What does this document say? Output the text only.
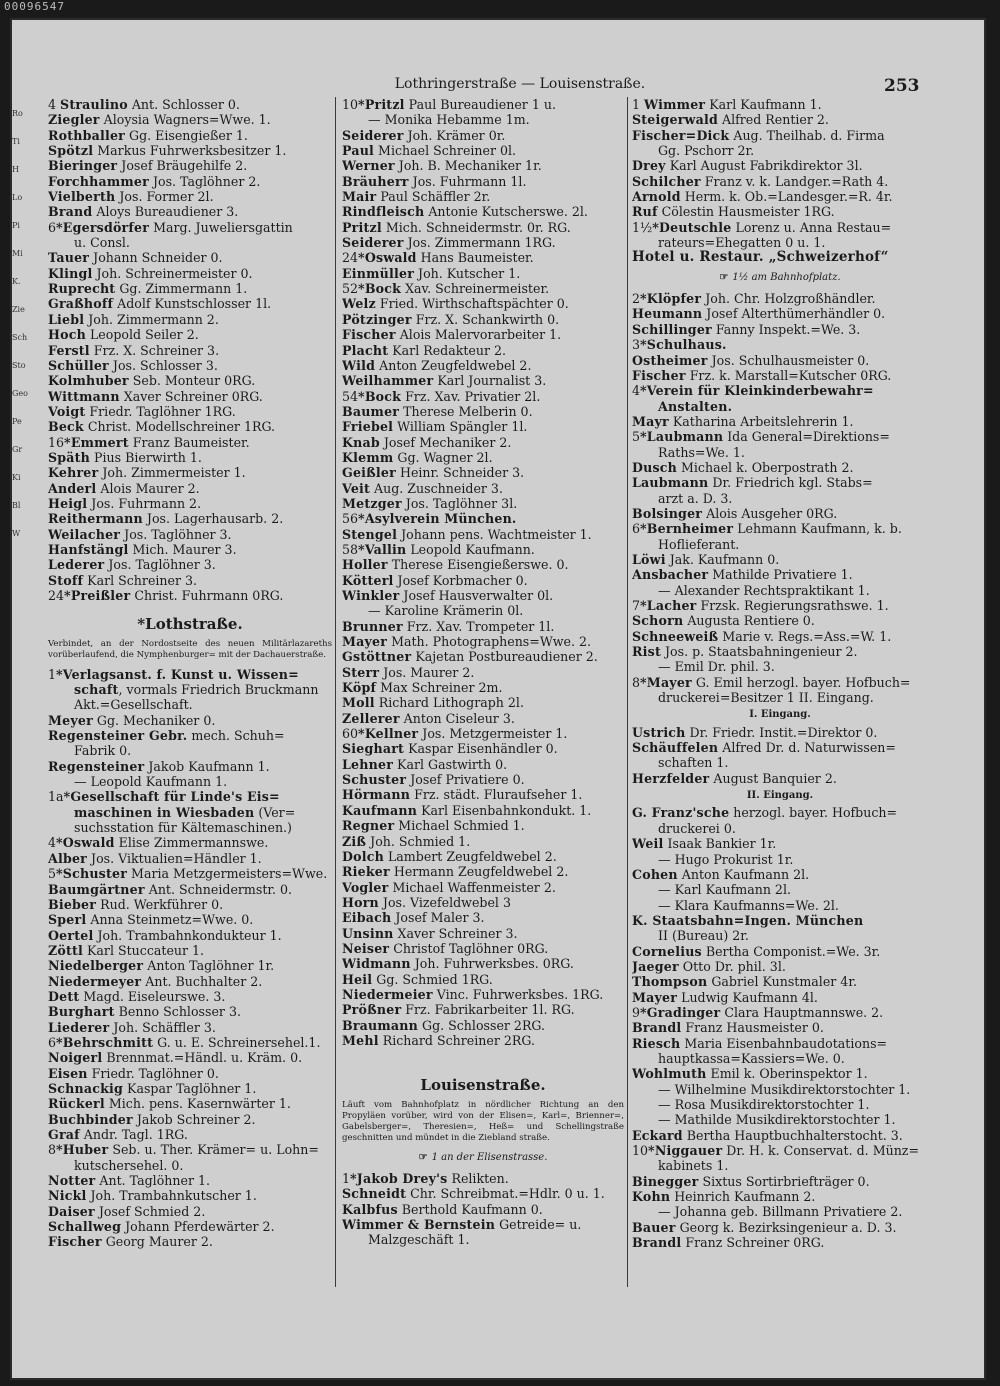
00096547
Ro
Ti
H
Lo
Pi
Mi
K.
Zie
Sch
Sto
Geo
Pe
Gr
Ki
Bl
W
Lothringerstraße — Louisenstraße.	253
4 Straulino Ant. Schlosser 0.
Ziegler Aloysia Wagners=Wwe. 1.
Rothballer Gg. Eisengießer 1.
Spötzl Markus Fuhrwerksbesitzer 1.
Bieringer Josef Bräugehilfe 2.
Forchhammer Jos. Taglöhner 2.
Vielberth Jos. Former 2l.
Brand Aloys Bureaudiener 3.
6*Egersdörfer Marg. Juweliersgattin
u. Consl.
Tauer Johann Schneider 0.
Klingl Joh. Schreinermeister 0.
Ruprecht Gg. Zimmermann 1.
Graßhoff Adolf Kunstschlosser 1l.
Liebl Joh. Zimmermann 2.
Hoch Leopold Seiler 2.
Ferstl Frz. X. Schreiner 3.
Schüller Jos. Schlosser 3.
Kolmhuber Seb. Monteur 0RG.
Wittmann Xaver Schreiner 0RG.
Voigt Friedr. Taglöhner 1RG.
Beck Christ. Modellschreiner 1RG.
16*Emmert Franz Baumeister.
Späth Pius Bierwirth 1.
Kehrer Joh. Zimmermeister 1.
Anderl Alois Maurer 2.
Heigl Jos. Fuhrmann 2.
Reithermann Jos. Lagerhausarb. 2.
Weilacher Jos. Taglöhner 3.
Hanfstängl Mich. Maurer 3.
Lederer Jos. Taglöhner 3.
Stoff Karl Schreiner 3.
24*Preißler Christ. Fuhrmann 0RG.
*Lothstraße.
Verbindet, an der Nordostseite des neuen Militärlazareths vorüberlaufend, die Nymphenburger= mit der Dachauerstraße.
1*Verlagsanst. f. Kunst u. Wissen=
schaft, vormals Friedrich Bruckmann
Akt.=Gesellschaft.
Meyer Gg. Mechaniker 0.
Regensteiner Gebr. mech. Schuh=
Fabrik 0.
Regensteiner Jakob Kaufmann 1.
— Leopold Kaufmann 1.
1a*Gesellschaft für Linde's Eis=
maschinen in Wiesbaden (Ver=
suchsstation für Kältemaschinen.)
4*Oswald Elise Zimmermannswe.
Alber Jos. Viktualien=Händler 1.
5*Schuster Maria Metzgermeisters=Wwe.
Baumgärtner Ant. Schneidermstr. 0.
Bieber Rud. Werkführer 0.
Sperl Anna Steinmetz=Wwe. 0.
Oertel Joh. Trambahnkondukteur 1.
Zöttl Karl Stuccateur 1.
Niedelberger Anton Taglöhner 1r.
Niedermeyer Ant. Buchhalter 2.
Dett Magd. Eiseleurswe. 3.
Burghart Benno Schlosser 3.
Liederer Joh. Schäffler 3.
6*Behrschmitt G. u. E. Schreinersehel.1.
Noigerl Brennmat.=Händl. u. Kräm. 0.
Eisen Friedr. Taglöhner 0.
Schnackig Kaspar Taglöhner 1.
Rückerl Mich. pens. Kasernwärter 1.
Buchbinder Jakob Schreiner 2.
Graf Andr. Tagl. 1RG.
8*Huber Seb. u. Ther. Krämer= u. Lohn=
kutschersehel. 0.
Notter Ant. Taglöhner 1.
Nickl Joh. Trambahnkutscher 1.
Daiser Josef Schmied 2.
Schallweg Johann Pferdewärter 2.
Fischer Georg Maurer 2.
10*Pritzl Paul Bureaudiener 1 u.
— Monika Hebamme 1m.
Seiderer Joh. Krämer 0r.
Paul Michael Schreiner 0l.
Werner Joh. B. Mechaniker 1r.
Bräuherr Jos. Fuhrmann 1l.
Mair Paul Schäffler 2r.
Rindfleisch Antonie Kutscherswe. 2l.
Pritzl Mich. Schneidermstr. 0r. RG.
Seiderer Jos. Zimmermann 1RG.
24*Oswald Hans Baumeister.
Einmüller Joh. Kutscher 1.
52*Bock Xav. Schreinermeister.
Welz Fried. Wirthschaftspächter 0.
Pötzinger Frz. X. Schankwirth 0.
Fischer Alois Malervorarbeiter 1.
Placht Karl Redakteur 2.
Wild Anton Zeugfeldwebel 2.
Weilhammer Karl Journalist 3.
54*Bock Frz. Xav. Privatier 2l.
Baumer Therese Melberin 0.
Friebel William Spängler 1l.
Knab Josef Mechaniker 2.
Klemm Gg. Wagner 2l.
Geißler Heinr. Schneider 3.
Veit Aug. Zuschneider 3.
Metzger Jos. Taglöhner 3l.
56*Asylverein München.
Stengel Johann pens. Wachtmeister 1.
58*Vallin Leopold Kaufmann.
Holler Therese Eisengießerswe. 0.
Kötterl Josef Korbmacher 0.
Winkler Josef Hausverwalter 0l.
— Karoline Krämerin 0l.
Brunner Frz. Xav. Trompeter 1l.
Mayer Math. Photographens=Wwe. 2.
Gstöttner Kajetan Postbureaudiener 2.
Sterr Jos. Maurer 2.
Köpf Max Schreiner 2m.
Moll Richard Lithograph 2l.
Zellerer Anton Ciseleur 3.
60*Kellner Jos. Metzgermeister 1.
Sieghart Kaspar Eisenhändler 0.
Lehner Karl Gastwirth 0.
Schuster Josef Privatiere 0.
Hörmann Frz. städt. Fluraufseher 1.
Kaufmann Karl Eisenbahnkondukt. 1.
Regner Michael Schmied 1.
Ziß Joh. Schmied 1.
Dolch Lambert Zeugfeldwebel 2.
Rieker Hermann Zeugfeldwebel 2.
Vogler Michael Waffenmeister 2.
Horn Jos. Vizefeldwebel 3
Eibach Josef Maler 3.
Unsinn Xaver Schreiner 3.
Neiser Christof Taglöhner 0RG.
Widmann Joh. Fuhrwerksbes. 0RG.
Heil Gg. Schmied 1RG.
Niedermeier Vinc. Fuhrwerksbes. 1RG.
Prößner Frz. Fabrikarbeiter 1l. RG.
Braumann Gg. Schlosser 2RG.
Mehl Richard Schreiner 2RG.
Louisenstraße.
Läuft vom Bahnhofplatz in nördlicher Richtung an den Propyläen vorüber, wird von der Elisen=, Karl=, Brienner=, Gabelsberger=, Theresien=, Heß= und Schellingstraße geschnitten und mündet in die Ziebland straße.
☞ 1 an der Elisenstrasse.
1*Jakob Drey's Relikten.
Schneidt Chr. Schreibmat.=Hdlr. 0 u. 1.
Kalbfus Berthold Kaufmann 0.
Wimmer & Bernstein Getreide= u.
Malzgeschäft 1.
1 Wimmer Karl Kaufmann 1.
Steigerwald Alfred Rentier 2.
Fischer=Dick Aug. Theilhab. d. Firma
Gg. Pschorr 2r.
Drey Karl August Fabrikdirektor 3l.
Schilcher Franz v. k. Landger.=Rath 4.
Arnold Herm. k. Ob.=Landesger.=R. 4r.
Ruf Cölestin Hausmeister 1RG.
1½*Deutschle Lorenz u. Anna Restau=
rateurs=Ehegatten 0 u. 1.
Hotel u. Restaur. „Schweizerhof“
☞ 1½ am Bahnhofplatz.
2*Klöpfer Joh. Chr. Holzgroßhändler.
Heumann Josef Alterthümerhändler 0.
Schillinger Fanny Inspekt.=We. 3.
3*Schulhaus.
Ostheimer Jos. Schulhausmeister 0.
Fischer Frz. k. Marstall=Kutscher 0RG.
4*Verein für Kleinkinderbewahr=
Anstalten.
Mayr Katharina Arbeitslehrerin 1.
5*Laubmann Ida General=Direktions=
Raths=We. 1.
Dusch Michael k. Oberpostrath 2.
Laubmann Dr. Friedrich kgl. Stabs=
arzt a. D. 3.
Bolsinger Alois Ausgeher 0RG.
6*Bernheimer Lehmann Kaufmann, k. b.
Hoflieferant.
Löwi Jak. Kaufmann 0.
Ansbacher Mathilde Privatiere 1.
— Alexander Rechtspraktikant 1.
7*Lacher Frzsk. Regierungsrathswe. 1.
Schorn Augusta Rentiere 0.
Schneeweiß Marie v. Regs.=Ass.=W. 1.
Rist Jos. p. Staatsbahningenieur 2.
— Emil Dr. phil. 3.
8*Mayer G. Emil herzogl. bayer. Hofbuch=
druckerei=Besitzer 1 II. Eingang.
I. Eingang.
Ustrich Dr. Friedr. Instit.=Direktor 0.
Schäuffelen Alfred Dr. d. Naturwissen=
schaften 1.
Herzfelder August Banquier 2.
II. Eingang.
G. Franz'sche herzogl. bayer. Hofbuch=
druckerei 0.
Weil Isaak Bankier 1r.
— Hugo Prokurist 1r.
Cohen Anton Kaufmann 2l.
— Karl Kaufmann 2l.
— Klara Kaufmanns=We. 2l.
K. Staatsbahn=Ingen. München
II (Bureau) 2r.
Cornelius Bertha Componist.=We. 3r.
Jaeger Otto Dr. phil. 3l.
Thompson Gabriel Kunstmaler 4r.
Mayer Ludwig Kaufmann 4l.
9*Gradinger Clara Hauptmannswe. 2.
Brandl Franz Hausmeister 0.
Riesch Maria Eisenbahnbaudotations=
hauptkassa=Kassiers=We. 0.
Wohlmuth Emil k. Oberinspektor 1.
— Wilhelmine Musikdirektorstochter 1.
— Rosa Musikdirektorstochter 1.
— Mathilde Musikdirektorstochter 1.
Eckard Bertha Hauptbuchhalterstocht. 3.
10*Niggauer Dr. H. k. Conservat. d. Münz=
kabinets 1.
Binegger Sixtus Sortirbriefträger 0.
Kohn Heinrich Kaufmann 2.
— Johanna geb. Billmann Privatiere 2.
Bauer Georg k. Bezirksingenieur a. D. 3.
Brandl Franz Schreiner 0RG.
